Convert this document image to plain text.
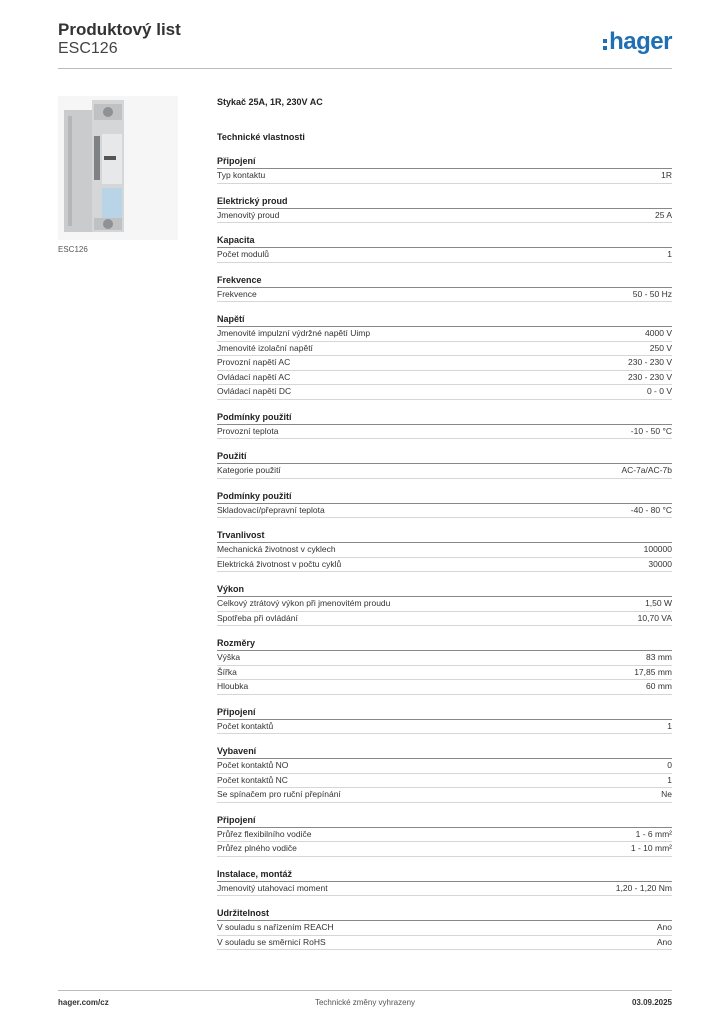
Produktový list
ESC126	hager
ESC126
Stykač 25A, 1R, 230V AC
Technické vlastnosti
Připojení
Typ kontaktu	1R
Elektrický proud
Jmenovitý proud	25 A
Kapacita
Počet modulů	1
Frekvence
Frekvence	50 - 50 Hz
Napětí
Jmenovité impulzní výdržné napětí Uimp	4000 V
Jmenovité izolační napětí	250 V
Provozní napětí AC	230 - 230 V
Ovládací napětí AC	230 - 230 V
Ovládací napětí DC	0 - 0 V
Podmínky použití
Provozní teplota	-10 - 50 °C
Použití
Kategorie použití	AC-7a/AC-7b
Podmínky použití
Skladovací/přepravní teplota	-40 - 80 °C
Trvanlivost
Mechanická životnost v cyklech	100000
Elektrická životnost v počtu cyklů	30000
Výkon
Celkový ztrátový výkon při jmenovitém proudu	1,50 W
Spotřeba při ovládání	10,70 VA
Rozměry
Výška	83 mm
Šířka	17,85 mm
Hloubka	60 mm
Připojení
Počet kontaktů	1
Vybavení
Počet kontaktů NO	0
Počet kontaktů NC	1
Se spínačem pro ruční přepínání	Ne
Připojení
Průřez flexibilního vodiče	1 - 6 mm²
Průřez plného vodiče	1 - 10 mm²
Instalace, montáž
Jmenovitý utahovací moment	1,20 - 1,20 Nm
Udržitelnost
V souladu s nařízením REACH	Ano
V souladu se směrnicí RoHS	Ano
hager.com/cz	Technické změny vyhrazeny	03.09.2025
